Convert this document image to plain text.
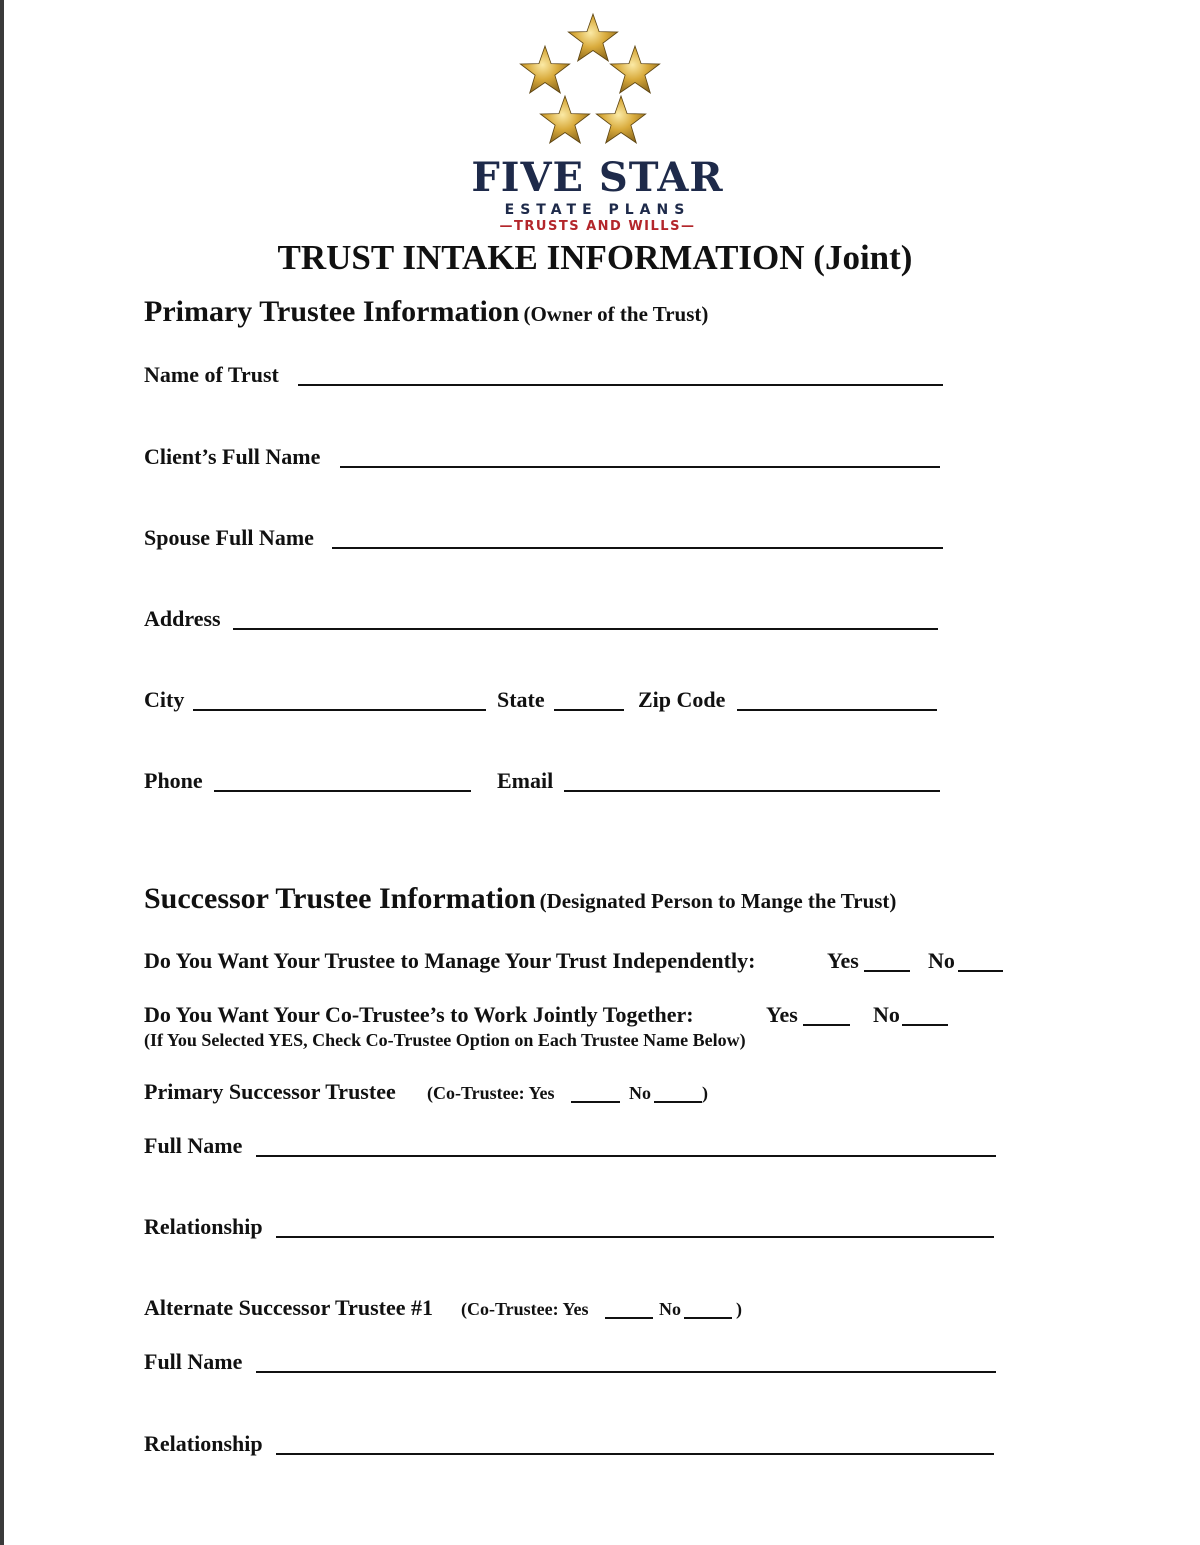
FIVE STAR
ESTATE PLANS
—TRUSTS AND WILLS—
TRUST INTAKE INFORMATION (Joint)
Primary Trustee Information (Owner of the Trust)
Name of Trust
Client’s Full Name
Spouse Full Name
Address
City	State	Zip Code
Phone	Email
Successor Trustee Information (Designated Person to Mange the Trust)
Do You Want Your Trustee to Manage Your Trust Independently:	Yes	No
Do You Want Your Co-Trustee’s to Work Jointly Together:	Yes	No
(If You Selected YES, Check Co-Trustee Option on Each Trustee Name Below)
Primary Successor Trustee (Co-Trustee: Yes	No	)
Full Name
Relationship
Alternate Successor Trustee #1 (Co-Trustee: Yes	No	)
Full Name
Relationship
